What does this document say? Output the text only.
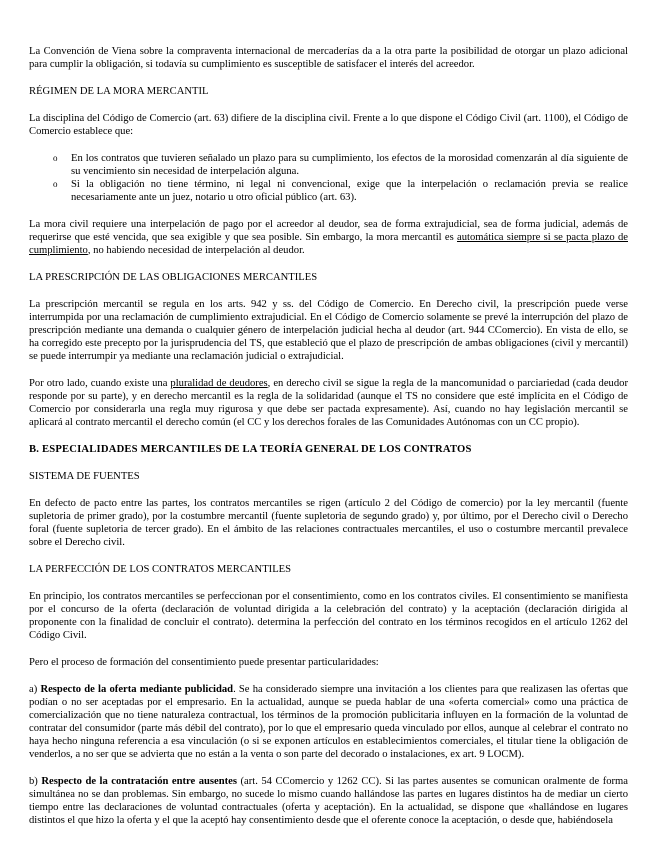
La Convención de Viena sobre la compraventa internacional de mercaderías da a la otra parte la posibilidad de otorgar un plazo adicional para cumplir la obligación, si todavía su cumplimiento es susceptible de satisfacer el interés del acreedor.

RÉGIMEN DE LA MORA MERCANTIL

La disciplina del Código de Comercio (art. 63) difiere de la disciplina civil. Frente a lo que dispone el Código Civil (art. 1100), el Código de Comercio establece que:

o En los contratos que tuvieren señalado un plazo para su cumplimiento, los efectos de la morosidad comenzarán al día siguiente de su vencimiento sin necesidad de interpelación alguna.
o Si la obligación no tiene término, ni legal ni convencional, exige que la interpelación o reclamación previa se realice necesariamente ante un juez, notario u otro oficial público (art. 63).

La mora civil requiere una interpelación de pago por el acreedor al deudor, sea de forma extrajudicial, sea de forma judicial, además de requerirse que esté vencida, que sea exigible y que sea posible. Sin embargo, la mora mercantil es automática siempre si se pacta plazo de cumplimiento, no habiendo necesidad de interpelación al deudor.

LA PRESCRIPCIÓN DE LAS OBLIGACIONES MERCANTILES

La prescripción mercantil se regula en los arts. 942 y ss. del Código de Comercio. En Derecho civil, la prescripción puede verse interrumpida por una reclamación de cumplimiento extrajudicial. En el Código de Comercio solamente se prevé la interrupción del plazo de prescripción mediante una demanda o cualquier género de interpelación judicial hecha al deudor (art. 944 CComercio). En vista de ello, se ha corregido este precepto por la jurisprudencia del TS, que estableció que el plazo de prescripción de ambas obligaciones (civil y mercantil) se puede interrumpir ya mediante una reclamación judicial o extrajudicial.

Por otro lado, cuando existe una pluralidad de deudores, en derecho civil se sigue la regla de la mancomunidad o parciariedad (cada deudor responde por su parte), y en derecho mercantil es la regla de la solidaridad (aunque el TS no considere que esté implícita en el Código de Comercio por considerarla una regla muy rigurosa y que debe ser pactada expresamente). Así, cuando no hay legislación mercantil se aplicará al contrato mercantil el derecho común (el CC y los derechos forales de las Comunidades Autónomas con un CC propio).

B. ESPECIALIDADES MERCANTILES DE LA TEORÍA GENERAL DE LOS CONTRATOS

SISTEMA DE FUENTES

En defecto de pacto entre las partes, los contratos mercantiles se rigen (artículo 2 del Código de comercio) por la ley mercantil (fuente supletoria de primer grado), por la costumbre mercantil (fuente supletoria de segundo grado) y, por último, por el Derecho civil o Derecho foral (fuente supletoria de tercer grado). En el ámbito de las relaciones contractuales mercantiles, el uso o costumbre mercantil prevalece sobre el Derecho civil.

LA PERFECCIÓN DE LOS CONTRATOS MERCANTILES

En principio, los contratos mercantiles se perfeccionan por el consentimiento, como en los contratos civiles. El consentimiento se manifiesta por el concurso de la oferta (declaración de voluntad dirigida a la celebración del contrato) y la aceptación (declaración dirigida al proponente con la finalidad de concluir el contrato). determina la perfección del contrato en los términos recogidos en el artículo 1262 del Código Civil.

Pero el proceso de formación del consentimiento puede presentar particularidades:

a) Respecto de la oferta mediante publicidad. Se ha considerado siempre una invitación a los clientes para que realizasen las ofertas que podían o no ser aceptadas por el empresario. En la actualidad, aunque se pueda hablar de una «oferta comercial» como una práctica de comercialización que no tiene naturaleza contractual, los términos de la promoción publicitaria influyen en la formación de la voluntad de contratar del consumidor (parte más débil del contrato), por lo que el empresario queda vinculado por ellos, aunque al celebrar el contrato no haya hecho ninguna referencia a esa vinculación (o si se exponen artículos en establecimientos comerciales, el titular tiene la obligación de venderlos, a no ser que se advierta que no están a la venta o son parte del decorado o instalaciones, ex art. 9 LOCM).

b) Respecto de la contratación entre ausentes (art. 54 CComercio y 1262 CC). Si las partes ausentes se comunican oralmente de forma simultánea no se dan problemas. Sin embargo, no sucede lo mismo cuando hallándose las partes en lugares distintos ha de mediar un cierto tiempo entre las declaraciones de voluntad contractuales (oferta y aceptación). En la actualidad, se dispone que «hallándose en lugares distintos el que hizo la oferta y el que la aceptó hay consentimiento desde que el oferente conoce la aceptación, o desde que, habiéndosela
